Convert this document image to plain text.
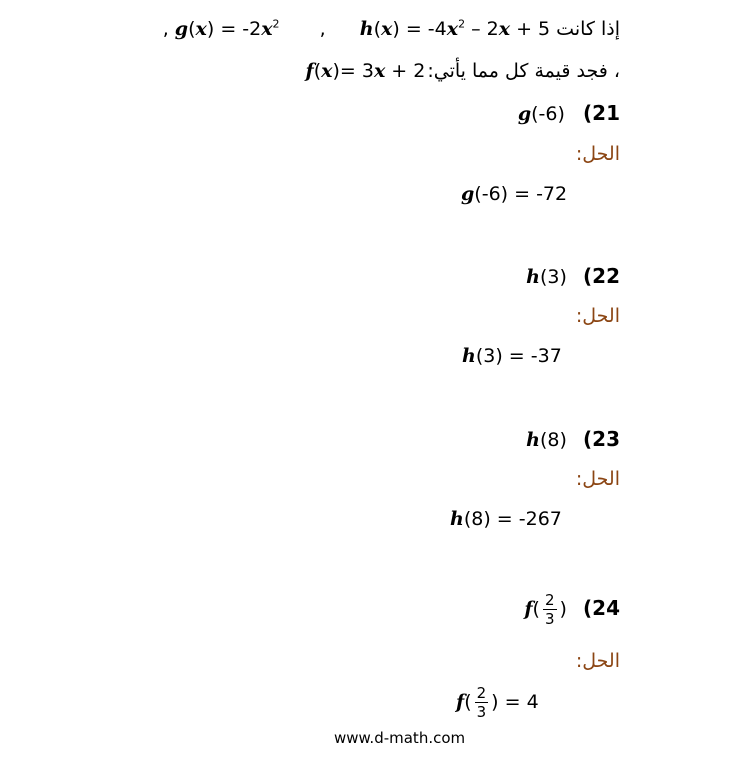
, $g(x) = -2x^2$ , $h(x) = -4x^2 - 2x + 5$ إذا كانت
f(x)= 3x + 2 ، فجد قيمة كل مما يأتي:
g(-6) 21)
الحل:
g(-6) = -72
h(3) 22)
الحل:
h(3) = -37
h(8) 23)
الحل:
h(8) = -267
$f( \frac{2}{3}$ ) 24)
الحل:
$f( \frac{2}{3}$ ) = 4
www.d-math.com
